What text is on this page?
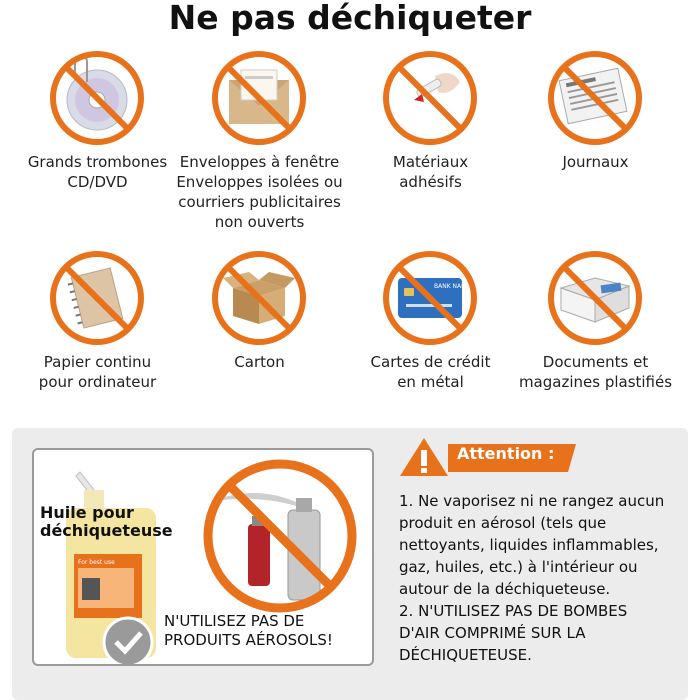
Ne pas déchiqueter
Grands trombones
CD/DVD
Enveloppes à fenêtre
Enveloppes isolées ou
courriers publicitaires
non ouverts
Matériaux
adhésifs
Journaux
Papier continu
pour ordinateur
Carton
BANK NAME
Cartes de crédit
en métal
Documents et
magazines plastifiés
For best use
Huile pour
déchiqueteuse
N'UTILISEZ PAS DE
PRODUITS AÉROSOLS!
Attention :
1. Ne vaporisez ni ne rangez aucun
produit en aérosol (tels que
nettoyants, liquides inflammables,
gaz, huiles, etc.) à l'intérieur ou
autour de la déchiqueteuse.
2. N'UTILISEZ PAS DE BOMBES
D'AIR COMPRIMÉ SUR LA
DÉCHIQUETEUSE.
